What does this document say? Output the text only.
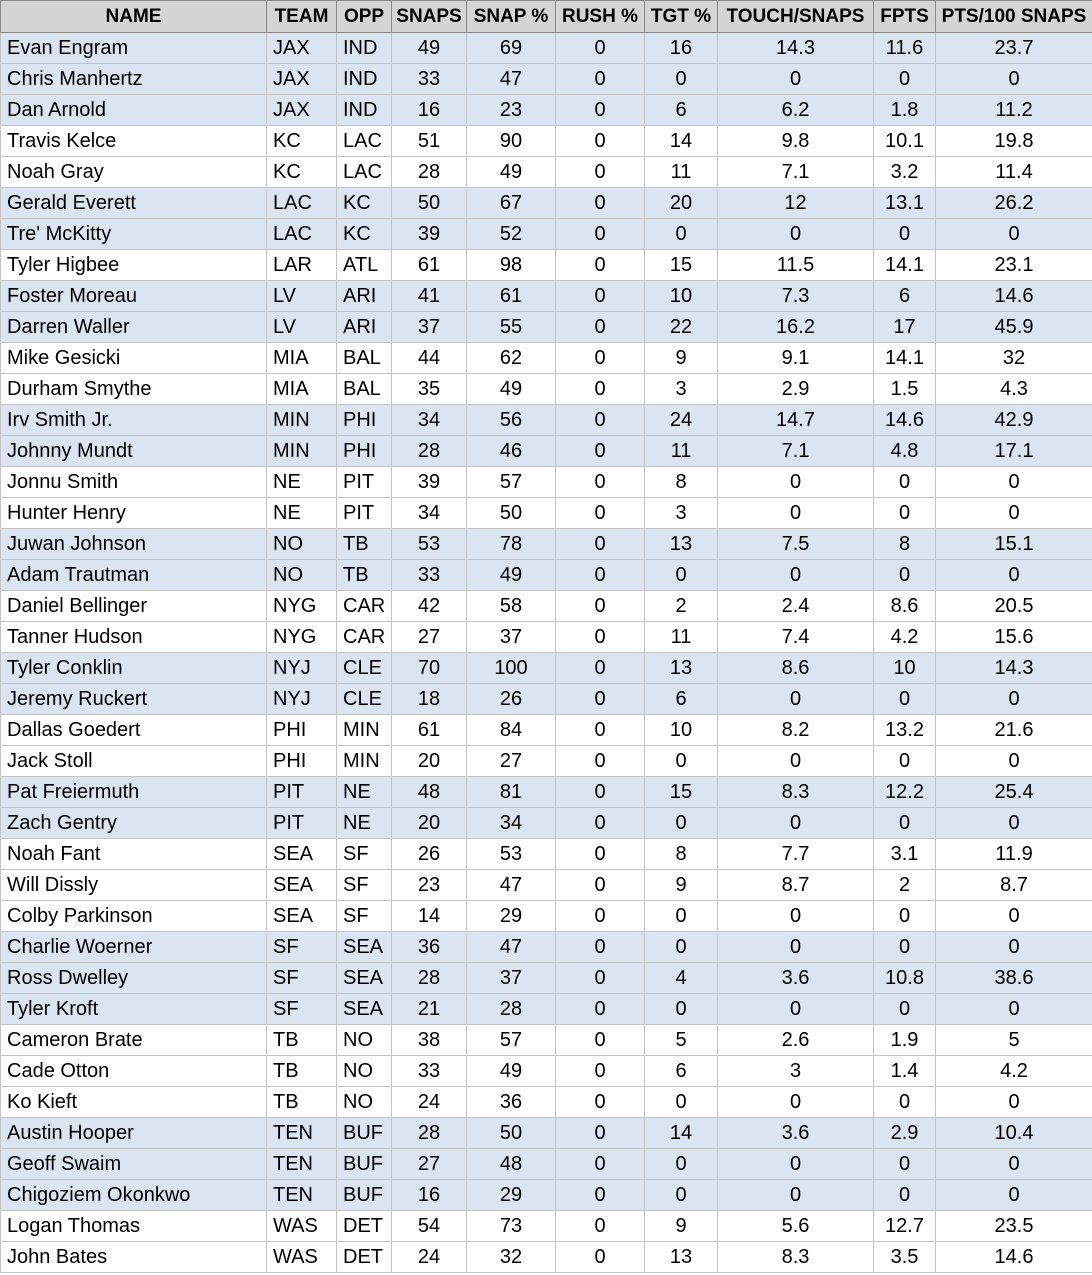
NAME	TEAM	OPP	SNAPS	SNAP %	RUSH %	TGT %	TOUCH/SNAPS	FPTS	PTS/100 SNAPS
Evan Engram	JAX	IND	49	69	0	16	14.3	11.6	23.7
Chris Manhertz	JAX	IND	33	47	0	0	0	0	0
Dan Arnold	JAX	IND	16	23	0	6	6.2	1.8	11.2
Travis Kelce	KC	LAC	51	90	0	14	9.8	10.1	19.8
Noah Gray	KC	LAC	28	49	0	11	7.1	3.2	11.4
Gerald Everett	LAC	KC	50	67	0	20	12	13.1	26.2
Tre' McKitty	LAC	KC	39	52	0	0	0	0	0
Tyler Higbee	LAR	ATL	61	98	0	15	11.5	14.1	23.1
Foster Moreau	LV	ARI	41	61	0	10	7.3	6	14.6
Darren Waller	LV	ARI	37	55	0	22	16.2	17	45.9
Mike Gesicki	MIA	BAL	44	62	0	9	9.1	14.1	32
Durham Smythe	MIA	BAL	35	49	0	3	2.9	1.5	4.3
Irv Smith Jr.	MIN	PHI	34	56	0	24	14.7	14.6	42.9
Johnny Mundt	MIN	PHI	28	46	0	11	7.1	4.8	17.1
Jonnu Smith	NE	PIT	39	57	0	8	0	0	0
Hunter Henry	NE	PIT	34	50	0	3	0	0	0
Juwan Johnson	NO	TB	53	78	0	13	7.5	8	15.1
Adam Trautman	NO	TB	33	49	0	0	0	0	0
Daniel Bellinger	NYG	CAR	42	58	0	2	2.4	8.6	20.5
Tanner Hudson	NYG	CAR	27	37	0	11	7.4	4.2	15.6
Tyler Conklin	NYJ	CLE	70	100	0	13	8.6	10	14.3
Jeremy Ruckert	NYJ	CLE	18	26	0	6	0	0	0
Dallas Goedert	PHI	MIN	61	84	0	10	8.2	13.2	21.6
Jack Stoll	PHI	MIN	20	27	0	0	0	0	0
Pat Freiermuth	PIT	NE	48	81	0	15	8.3	12.2	25.4
Zach Gentry	PIT	NE	20	34	0	0	0	0	0
Noah Fant	SEA	SF	26	53	0	8	7.7	3.1	11.9
Will Dissly	SEA	SF	23	47	0	9	8.7	2	8.7
Colby Parkinson	SEA	SF	14	29	0	0	0	0	0
Charlie Woerner	SF	SEA	36	47	0	0	0	0	0
Ross Dwelley	SF	SEA	28	37	0	4	3.6	10.8	38.6
Tyler Kroft	SF	SEA	21	28	0	0	0	0	0
Cameron Brate	TB	NO	38	57	0	5	2.6	1.9	5
Cade Otton	TB	NO	33	49	0	6	3	1.4	4.2
Ko Kieft	TB	NO	24	36	0	0	0	0	0
Austin Hooper	TEN	BUF	28	50	0	14	3.6	2.9	10.4
Geoff Swaim	TEN	BUF	27	48	0	0	0	0	0
Chigoziem Okonkwo	TEN	BUF	16	29	0	0	0	0	0
Logan Thomas	WAS	DET	54	73	0	9	5.6	12.7	23.5
John Bates	WAS	DET	24	32	0	13	8.3	3.5	14.6
